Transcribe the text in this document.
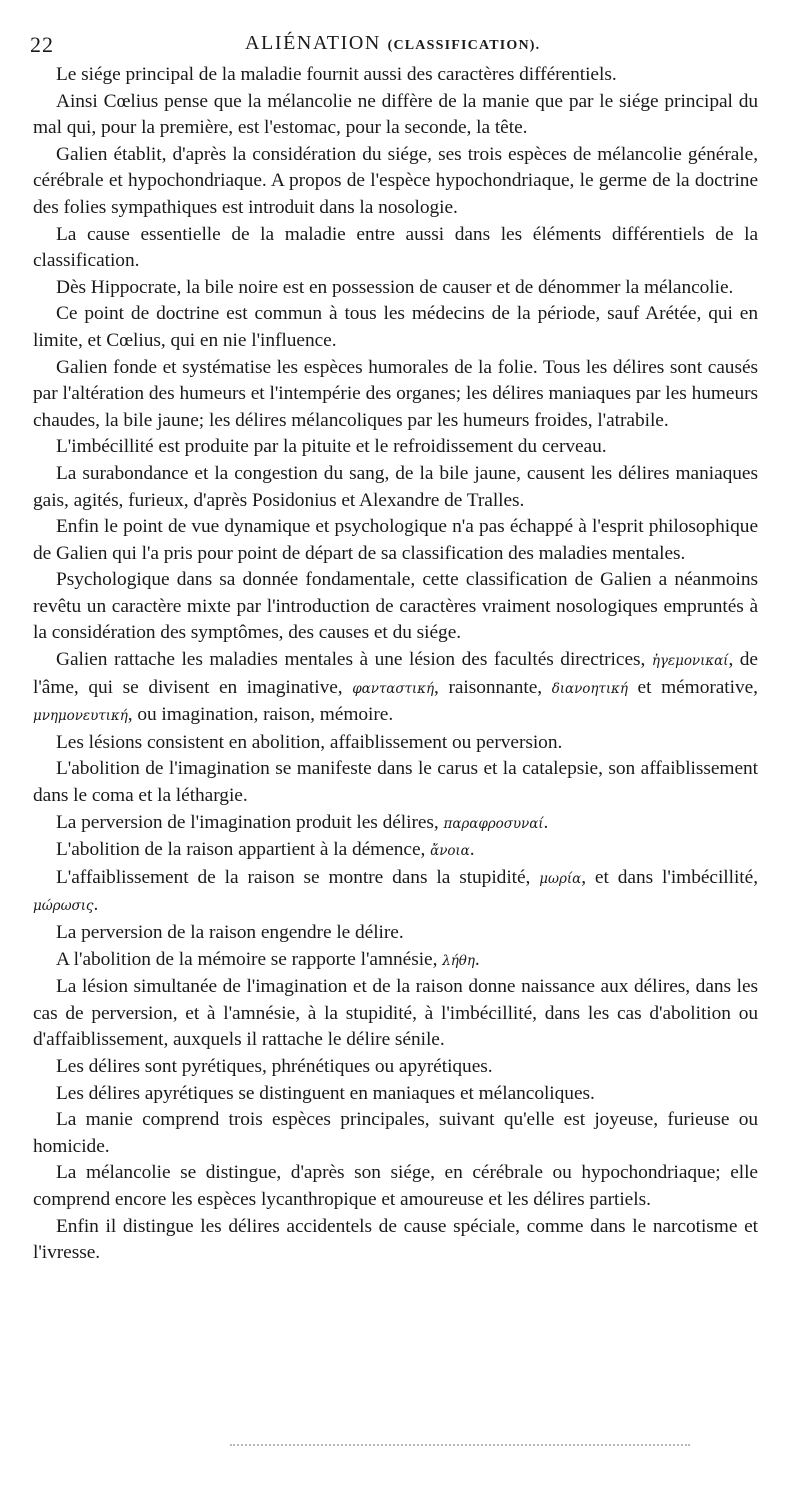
22	ALIÉNATION (CLASSIFICATION).

Le siége principal de la maladie fournit aussi des caractères différentiels.

Ainsi Cœlius pense que la mélancolie ne diffère de la manie que par le siége principal du mal qui, pour la première, est l'estomac, pour la seconde, la tête.

Galien établit, d'après la considération du siége, ses trois espèces de mélancolie générale, cérébrale et hypochondriaque. A propos de l'espèce hypochondriaque, le germe de la doctrine des folies sympathiques est introduit dans la nosologie.

La cause essentielle de la maladie entre aussi dans les éléments différentiels de la classification.

Dès Hippocrate, la bile noire est en possession de causer et de dénommer la mélancolie.

Ce point de doctrine est commun à tous les médecins de la période, sauf Arétée, qui en limite, et Cœlius, qui en nie l'influence.

Galien fonde et systématise les espèces humorales de la folie. Tous les délires sont causés par l'altération des humeurs et l'intempérie des organes; les délires maniaques par les humeurs chaudes, la bile jaune; les délires mélancoliques par les humeurs froides, l'atrabile.

L'imbécillité est produite par la pituite et le refroidissement du cerveau.

La surabondance et la congestion du sang, de la bile jaune, causent les délires maniaques gais, agités, furieux, d'après Posidonius et Alexandre de Tralles.

Enfin le point de vue dynamique et psychologique n'a pas échappé à l'esprit philosophique de Galien qui l'a pris pour point de départ de sa classification des maladies mentales.

Psychologique dans sa donnée fondamentale, cette classification de Galien a néanmoins revêtu un caractère mixte par l'introduction de caractères vraiment nosologiques empruntés à la considération des symptômes, des causes et du siége.

Galien rattache les maladies mentales à une lésion des facultés directrices, ἡγεμονικαί, de l'âme, qui se divisent en imaginative, φανταστική, raisonnante, διανοητική et mémorative, μνημονευτική, ou imagination, raison, mémoire.

Les lésions consistent en abolition, affaiblissement ou perversion.

L'abolition de l'imagination se manifeste dans le carus et la catalepsie, son affaiblissement dans le coma et la léthargie.

La perversion de l'imagination produit les délires, παραφροσυναί.

L'abolition de la raison appartient à la démence, ἄνοια.

L'affaiblissement de la raison se montre dans la stupidité, μωρία, et dans l'imbécillité, μώρωσις.

La perversion de la raison engendre le délire.

A l'abolition de la mémoire se rapporte l'amnésie, λήθη.

La lésion simultanée de l'imagination et de la raison donne naissance aux délires, dans les cas de perversion, et à l'amnésie, à la stupidité, à l'imbécillité, dans les cas d'abolition ou d'affaiblissement, auxquels il rattache le délire sénile.

Les délires sont pyrétiques, phrénétiques ou apyrétiques.

Les délires apyrétiques se distinguent en maniaques et mélancoliques.

La manie comprend trois espèces principales, suivant qu'elle est joyeuse, furieuse ou homicide.

La mélancolie se distingue, d'après son siége, en cérébrale ou hypochondriaque; elle comprend encore les espèces lycanthropique et amoureuse et les délires partiels.

Enfin il distingue les délires accidentels de cause spéciale, comme dans le narcotisme et l'ivresse.
